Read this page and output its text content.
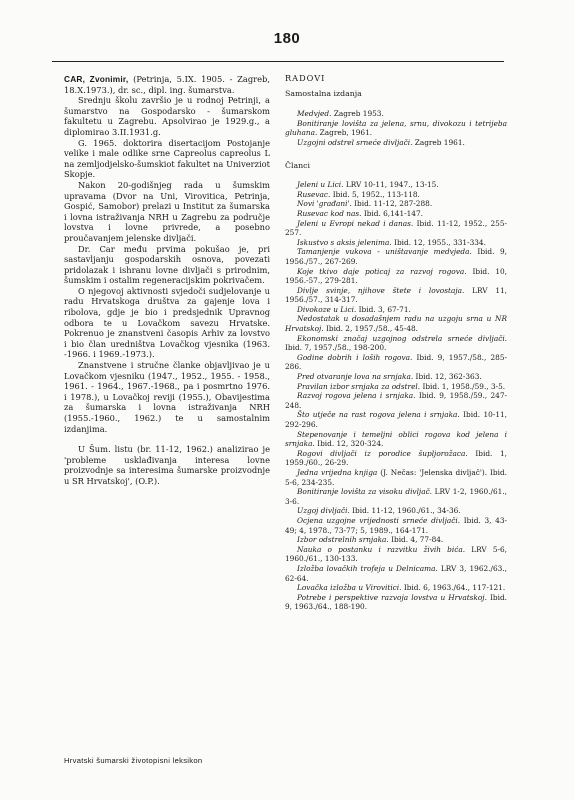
180

CAR, Zvonimir, (Petrinja, 5.IX. 1905. - Zagreb, 18.X.1973.), dr. sc., dipl. ing. šumarstva.

Srednju školu završio je u rodnoj Petrinji, a šumarstvo na Gospodarsko - šumarskom fakultetu u Zagrebu. Apsolvirao je 1929.g., a diplomirao 3.II.1931.g.

G. 1965. doktorira disertacijom Postojanje velike i male odlike srne Capreolus capreolus L na zemljodjelsko-šumskiot fakultet na Univerziot Skopje.

Nakon 20-godišnjeg rada u šumskim upravama (Dvor na Uni, Virovitica, Petrinja, Gospić, Samobor) prelazi u Institut za šumarska i lovna istraživanja NRH u Zagrebu za područje lovstva i lovne privrede, a posebno proučavanjem jelenske divljači.

Dr. Car među prvima pokušao je, pri sastavljanju gospodarskih osnova, povezati pridolazak i ishranu lovne divljači s prirodnim, šumskim i ostalim regeneracijskim pokrivačem.

O njegovoj aktivnosti svjedoči sudjelovanje u radu Hrvatskoga društva za gajenje lova i ribolova, gdje je bio i predsjednik Upravnog odbora te u Lovačkom savezu Hrvatske. Pokrenuo je znanstveni časopis Arhiv za lovstvo i bio član uredništva Lovačkog vjesnika (1963. -1966. i 1969.-1973.).

Znanstvene i stručne članke objavljivao je u Lovačkom vjesniku (1947., 1952., 1955. - 1958., 1961. - 1964., 1967.-1968., pa i posmrtno 1976. i 1978.), u Lovačkoj reviji (1955.), Obavijestima za šumarska i lovna istraživanja NRH (1955.-1960., 1962.) te u samostalnim izdanjima.

U Šum. listu (br. 11-12, 1962.) analizirao je 'probleme usklađivanja interesa lovne proizvodnje sa interesima šumarske proizvodnje u SR Hrvatskoj', (O.P.).

RADOVI
Samostalna izdanja

Medvjed. Zagreb 1953.

Bonitiranje lovišta za jelena, srnu, divokozu i tetrijeba gluhana. Zagreb, 1961.

Uzgojni odstrel srneće divljači. Zagreb 1961.

Članci

Jeleni u Lici. LRV 10-11, 1947., 13-15.

Rusevac. Ibid. 5, 1952., 113-118.

Novi 'građani'. Ibid. 11-12, 287-288.

Rusevac kod nas. Ibid. 6,141-147.

Jeleni u Evropi nekad i danas. Ibid. 11-12, 1952., 255-257.

Iskustvo s aksis jelenima. Ibid. 12, 1955., 331-334.

Tamanjenje vukova - uništavanje medvjeda. Ibid. 9, 1956./57., 267-269.

Koje tkivo daje poticaj za razvoj rogova. Ibid. 10, 1956.-57., 279-281.

Divlje svinje, njihove štete i lovostaja. LRV 11, 1956./57., 314-317.

Divokoze u Lici. Ibid. 3, 67-71.

Nedostatak u dosadašnjem radu na uzgoju srna u NR Hrvatskoj. Ibid. 2, 1957./58., 45-48.

Ekonomski značaj uzgojnog odstrela srneće divljači. Ibid. 7, 1957./58., 198-200.

Godine dobrih i loših rogova. Ibid. 9, 1957./58., 285-286.

Pred otvaranje lova na srnjaka. Ibid. 12, 362-363.

Pravilan izbor srnjaka za odstrel. Ibid. 1, 1958./59., 3-5.

Razvoj rogova jelena i srnjaka. Ibid. 9, 1958./59., 247-248.

Što utječe na rast rogova jelena i srnjaka. Ibid. 10-11, 292-296.

Stepenovanje i temeljni oblici rogova kod jelena i srnjaka. Ibid. 12, 320-324.

Rogovi divljači iz porodice šupljorožaca. Ibid. 1, 1959./60., 26-29.

Jedna vrijedna knjiga (J. Nečas: 'Jelenska divljač'). Ibid. 5-6, 234-235.

Bonitiranje lovišta za visoku divljač. LRV 1-2, 1960./61., 3-6.

Uzgoj divljači. Ibid. 11-12, 1960./61., 34-36.

Ocjena uzgojne vrijednosti srneće divljači. Ibid. 3, 43-49; 4, 1978., 73-77; 5, 1989., 164-171.

Izbor odstrelnih srnjaka. Ibid. 4, 77-84.

Nauka o postanku i razvitku živih bića. LRV 5-6, 1960./61., 130-133.

Izložba lovačkih trofeja u Delnicama. LRV 3, 1962./63., 62-64.

Lovačka izložba u Virovitici. Ibid. 6, 1963./64., 117-121.

Potrebe i perspektive razvoja lovstva u Hrvatskoj. Ibid. 9, 1963./64., 188-190.

Hrvatski šumarski životopisni leksikon
